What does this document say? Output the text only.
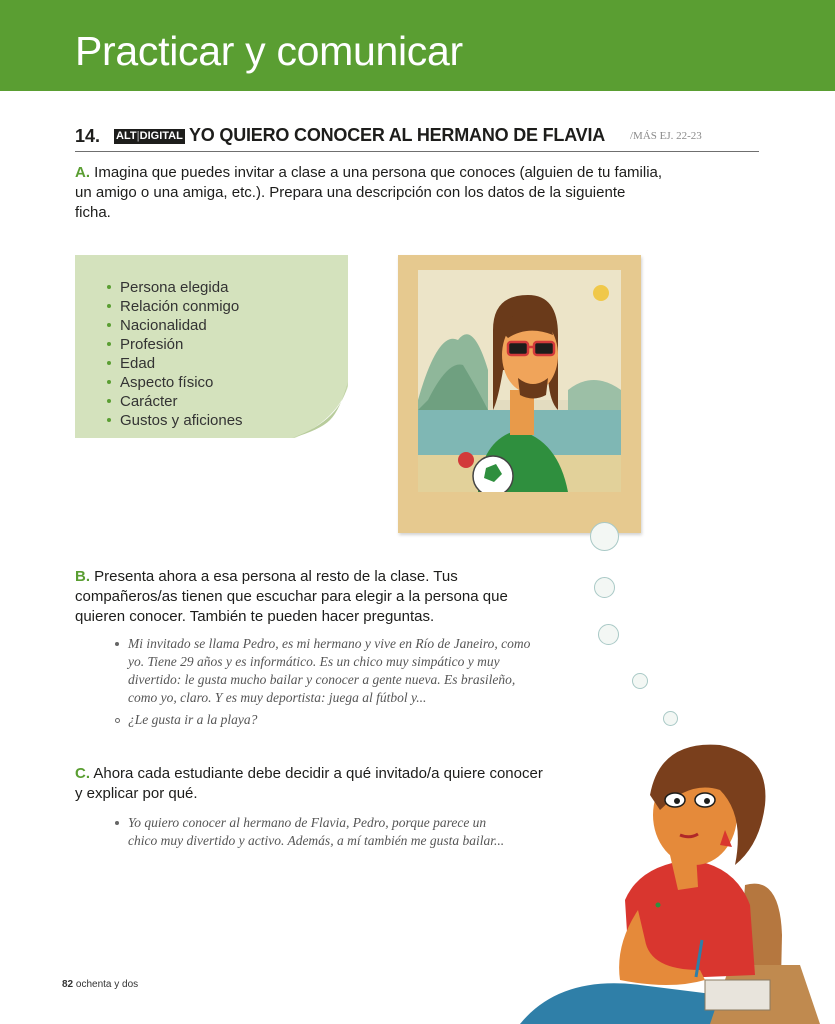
Practicar y comunicar
14. ALT|DIGITAL YO QUIERO CONOCER AL HERMANO DE FLAVIA /MÁS EJ. 22-23
A. Imagina que puedes invitar a clase a una persona que conoces (alguien de tu familia, un amigo o una amiga, etc.). Prepara una descripción con los datos de la siguiente ficha.
Persona elegida
Relación conmigo
Nacionalidad
Profesión
Edad
Aspecto físico
Carácter
Gustos y aficiones
B. Presenta ahora a esa persona al resto de la clase. Tus compañeros/as tienen que escuchar para elegir a la persona que quieren conocer. También te pueden hacer preguntas.
Mi invitado se llama Pedro, es mi hermano y vive en Río de Janeiro, como yo. Tiene 29 años y es informático. Es un chico muy simpático y muy divertido: le gusta mucho bailar y conocer a gente nueva. Es brasileño, como yo, claro. Y es muy deportista: juega al fútbol y...
¿Le gusta ir a la playa?
C. Ahora cada estudiante debe decidir a qué invitado/a quiere conocer y explicar por qué.
Yo quiero conocer al hermano de Flavia, Pedro, porque parece un chico muy divertido y activo. Además, a mí también me gusta bailar...
82 ochenta y dos
